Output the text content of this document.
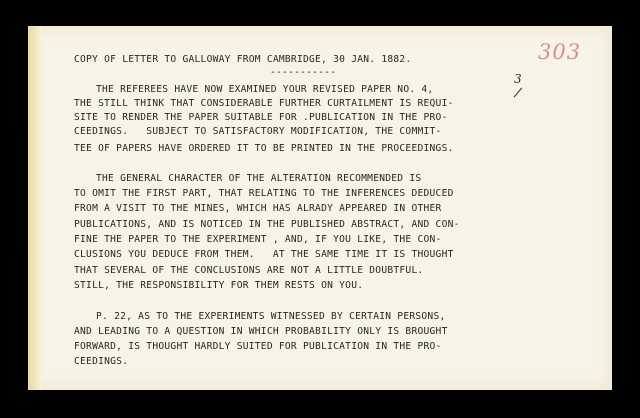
303
3
COPY OF LETTER TO GALLOWAY FROM CAMBRIDGE, 30 JAN. 1882.
-----------
THE REFEREES HAVE NOW EXAMINED YOUR REVISED PAPER NO. 4,
THE STILL THINK THAT CONSIDERABLE FURTHER CURTAILMENT IS REQUI-
SITE TO RENDER THE PAPER SUITABLE FOR .PUBLICATION IN THE PRO-
CEEDINGS.   SUBJECT TO SATISFACTORY MODIFICATION, THE COMMIT-
TEE OF PAPERS HAVE ORDERED IT TO BE PRINTED IN THE PROCEEDINGS.
THE GENERAL CHARACTER OF THE ALTERATION RECOMMENDED IS
TO OMIT THE FIRST PART, THAT RELATING TO THE INFERENCES DEDUCED
FROM A VISIT TO THE MINES, WHICH HAS ALRADY APPEARED IN OTHER
PUBLICATIONS, AND IS NOTICED IN THE PUBLISHED ABSTRACT, AND CON-
FINE THE PAPER TO THE EXPERIMENT , AND, IF YOU LIKE, THE CON-
CLUSIONS YOU DEDUCE FROM THEM.   AT THE SAME TIME IT IS THOUGHT
THAT SEVERAL OF THE CONCLUSIONS ARE NOT A LITTLE DOUBTFUL.
STILL, THE RESPONSIBILITY FOR THEM RESTS ON YOU.
P. 22, AS TO THE EXPERIMENTS WITNESSED BY CERTAIN PERSONS,
AND LEADING TO A QUESTION IN WHICH PROBABILITY ONLY IS BROUGHT
FORWARD, IS THOUGHT HARDLY SUITED FOR PUBLICATION IN THE PRO-
CEEDINGS.
